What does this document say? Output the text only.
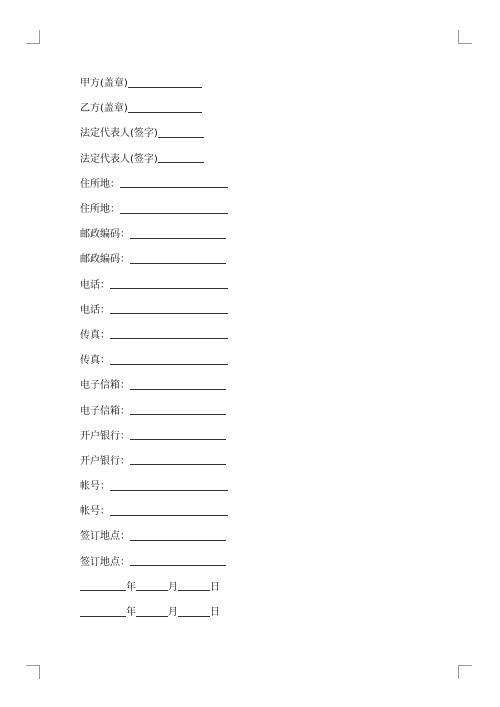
甲方(盖章)
乙方(盖章)
法定代表人(签字)
法定代表人(签字)
住所地：
住所地：
邮政编码：
邮政编码：
电话：
电话：
传真：
传真：
电子信箱：
电子信箱：
开户银行：
开户银行：
帐号：
帐号：
签订地点：
签订地点：
年	月	日
年	月	日
